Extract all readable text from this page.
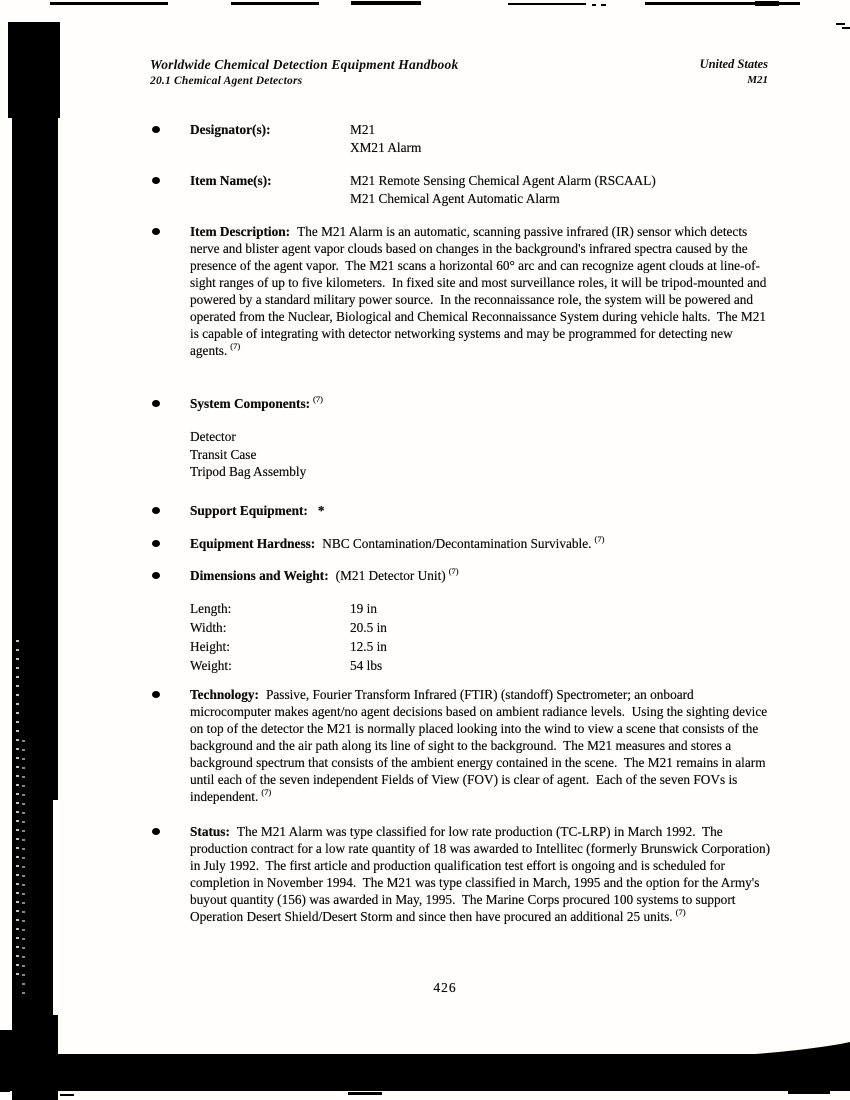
Worldwide Chemical Detection Equipment Handbook
20.1 Chemical Agent Detectors
United States
M21
Designator(s):	M21
XM21 Alarm
Item Name(s):	M21 Remote Sensing Chemical Agent Alarm (RSCAAL)
M21 Chemical Agent Automatic Alarm
Item Description: The M21 Alarm is an automatic, scanning passive infrared (IR) sensor which detects nerve and blister agent vapor clouds based on changes in the background's infrared spectra caused by the presence of the agent vapor.  The M21 scans a horizontal 60° arc and can recognize agent clouds at line-of-sight ranges of up to five kilometers.  In fixed site and most surveillance roles, it will be tripod-mounted and powered by a standard military power source.  In the reconnaissance role, the system will be powered and operated from the Nuclear, Biological and Chemical Reconnaissance System during vehicle halts.  The M21 is capable of integrating with detector networking systems and may be programmed for detecting new agents. $^{(7)}$
System Components: $^{(7)}$
Detector
Transit Case
Tripod Bag Assembly
Support Equipment: *
Equipment Hardness: NBC Contamination/Decontamination Survivable. $^{(7)}$
Dimensions and Weight: (M21 Detector Unit) $^{(7)}$
Length:	19 in
Width:	20.5 in
Height:	12.5 in
Weight:	54 lbs
Technology: Passive, Fourier Transform Infrared (FTIR) (standoff) Spectrometer; an onboard microcomputer makes agent/no agent decisions based on ambient radiance levels.  Using the sighting device on top of the detector the M21 is normally placed looking into the wind to view a scene that consists of the background and the air path along its line of sight to the background.  The M21 measures and stores a background spectrum that consists of the ambient energy contained in the scene.  The M21 remains in alarm until each of the seven independent Fields of View (FOV) is clear of agent.  Each of the seven FOVs is independent. $^{(7)}$
Status: The M21 Alarm was type classified for low rate production (TC-LRP) in March 1992.  The production contract for a low rate quantity of 18 was awarded to Intellitec (formerly Brunswick Corporation) in July 1992.  The first article and production qualification test effort is ongoing and is scheduled for completion in November 1994.  The M21 was type classified in March, 1995 and the option for the Army's buyout quantity (156) was awarded in May, 1995.  The Marine Corps procured 100 systems to support Operation Desert Shield/Desert Storm and since then have procured an additional 25 units. $^{(7)}$
426
